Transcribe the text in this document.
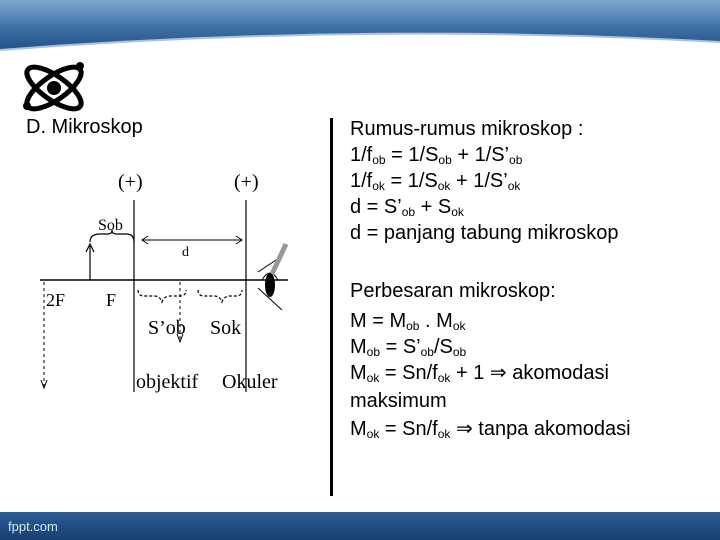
D. Mikroskop	Rumus-rumus mikroskop :
$1/f_{ob} = 1/S_{ob}$ + $1/S’_{ob}$
$1/f_{ok} = 1/S_{ok}$ + $1/S’_{ok}$
$d = S’_{ob} + S_{ok}$
d = panjang tabung mikroskop
Perbesaran mikroskop:
$M = M_{ob}$ . $M_{ok}$
$M_{ob}$ = $S’_{ob}/S_{ob}$
$M_{ok} = Sn/f_{ok} + 1$ ⇒ akomodasi
maksimum
$M_{ok} = Sn/f_{ok}$ ⇒ tanpa akomodasi
(+)	(+)
Sob
d
2F F
S’ob Sok
objektif Okuler
fppt.com
